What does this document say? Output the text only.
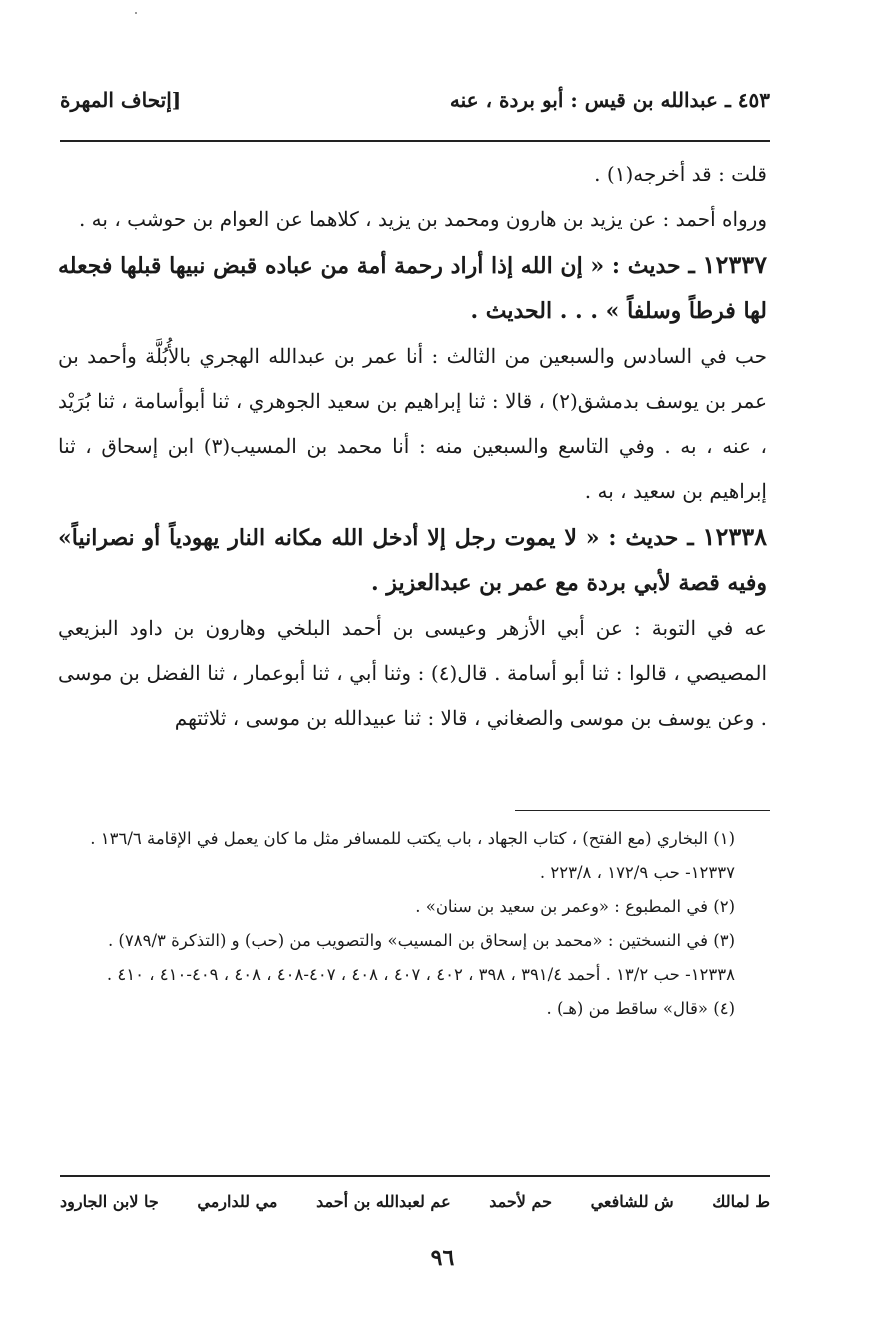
٤٥٣ ـ عبدالله بن قيس : أبو بردة ، عنه
[إتحاف المهرة

قلت : قد أخرجه(١) .

ورواه أحمد : عن يزيد بن هارون ومحمد بن يزيد ، كلاهما عن العوام بن حوشب ، به .

١٢٣٣٧ ـ حديث : « إن الله إذا أراد رحمة أمة من عباده قبض نبيها قبلها فجعله لها فرطاً وسلفاً » . . . الحديث .

حب في السادس والسبعين من الثالث : أنا عمر بن عبدالله الهجري بالأُبُلَّة وأحمد بن عمر بن يوسف بدمشق(٢) ، قالا : ثنا إبراهيم بن سعيد الجوهري ، ثنا أبوأسامة ، ثنا بُرَيْد ، عنه ، به . وفي التاسع والسبعين منه : أنا محمد بن المسيب(٣) ابن إسحاق ، ثنا إبراهيم بن سعيد ، به .

١٢٣٣٨ ـ حديث : « لا يموت رجل إلا أدخل الله مكانه النار يهودياً أو نصرانياً» وفيه قصة لأبي بردة مع عمر بن عبدالعزيز .

عه في التوبة : عن أبي الأزهر وعيسى بن أحمد البلخي وهارون بن داود البزيعي المصيصي ، قالوا : ثنا أبو أسامة . قال(٤) : وثنا أبي ، ثنا أبوعمار ، ثنا الفضل بن موسى . وعن يوسف بن موسى والصغاني ، قالا : ثنا عبيدالله بن موسى ، ثلاثتهم

(١) البخاري (مع الفتح) ، كتاب الجهاد ، باب يكتب للمسافر مثل ما كان يعمل في الإقامة ١٣٦/٦ .

١٢٣٣٧- حب ١٧٢/٩ ، ٢٢٣/٨ .

(٢) في المطبوع : «وعمر بن سعيد بن سنان» .

(٣) في النسختين : «محمد بن إسحاق بن المسيب» والتصويب من (حب) و (التذكرة ٧٨٩/٣) .

١٢٣٣٨- حب ١٣/٢ . أحمد ٣٩١/٤ ، ٣٩٨ ، ٤٠٢ ، ٤٠٧ ، ٤٠٨ ، ٤٠٧-٤٠٨ ، ٤٠٨ ، ٤٠٩-٤١٠ ، ٤١٠ .

(٤) «قال» ساقط من (هـ) .

ط لمالك
ش للشافعي
حم لأحمد
عم لعبدالله بن أحمد
مي للدارمي
جا لابن الجارود
٩٦
